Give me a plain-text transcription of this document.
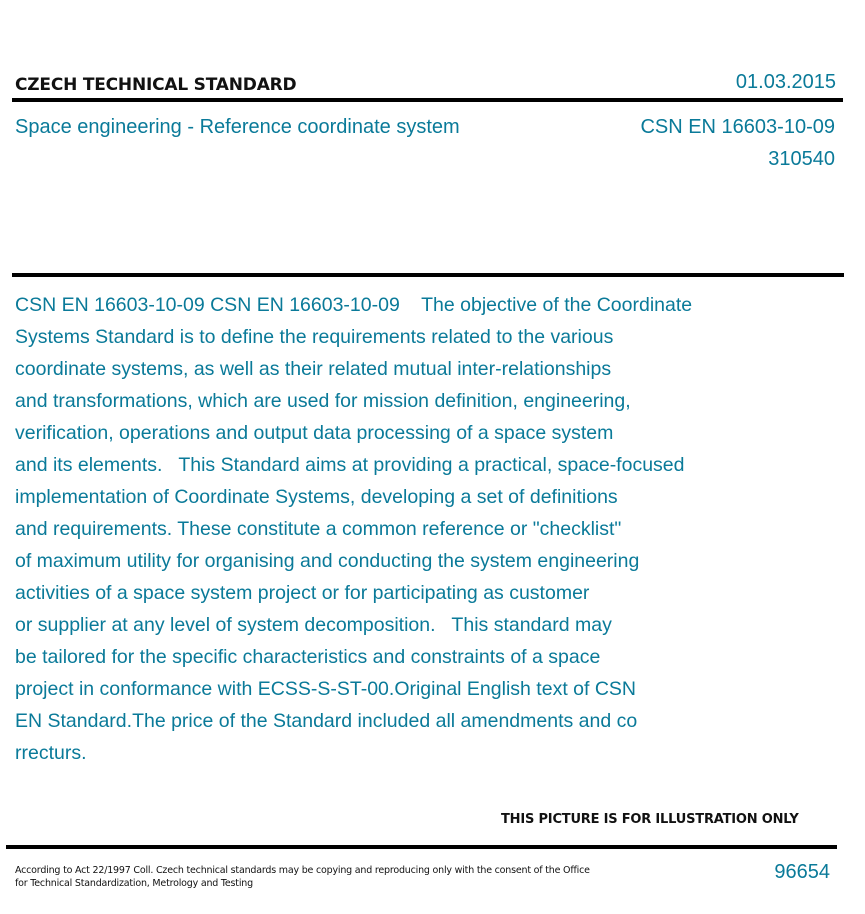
CZECH TECHNICAL STANDARD	01.03.2015
Space engineering - Reference coordinate system	CSN EN 16603-10-09
310540
CSN EN 16603-10-09 CSN EN 16603-10-09    The objective of the Coordinate
Systems Standard is to define the requirements related to the various
coordinate systems, as well as their related mutual inter-relationships
and transformations, which are used for mission definition, engineering,
verification, operations and output data processing of a space system
and its elements.   This Standard aims at providing a practical, space-focused
implementation of Coordinate Systems, developing a set of definitions
and requirements. These constitute a common reference or "checklist"
of maximum utility for organising and conducting the system engineering
activities of a space system project or for participating as customer
or supplier at any level of system decomposition.   This standard may
be tailored for the specific characteristics and constraints of a space
project in conformance with ECSS-S-ST-00.Original English text of CSN
EN Standard.The price of the Standard included all amendments and co
rrecturs.
THIS PICTURE IS FOR ILLUSTRATION ONLY
According to Act 22/1997 Coll. Czech technical standards may be copying and reproducing only with the consent of the Office
for Technical Standardization, Metrology and Testing
96654
